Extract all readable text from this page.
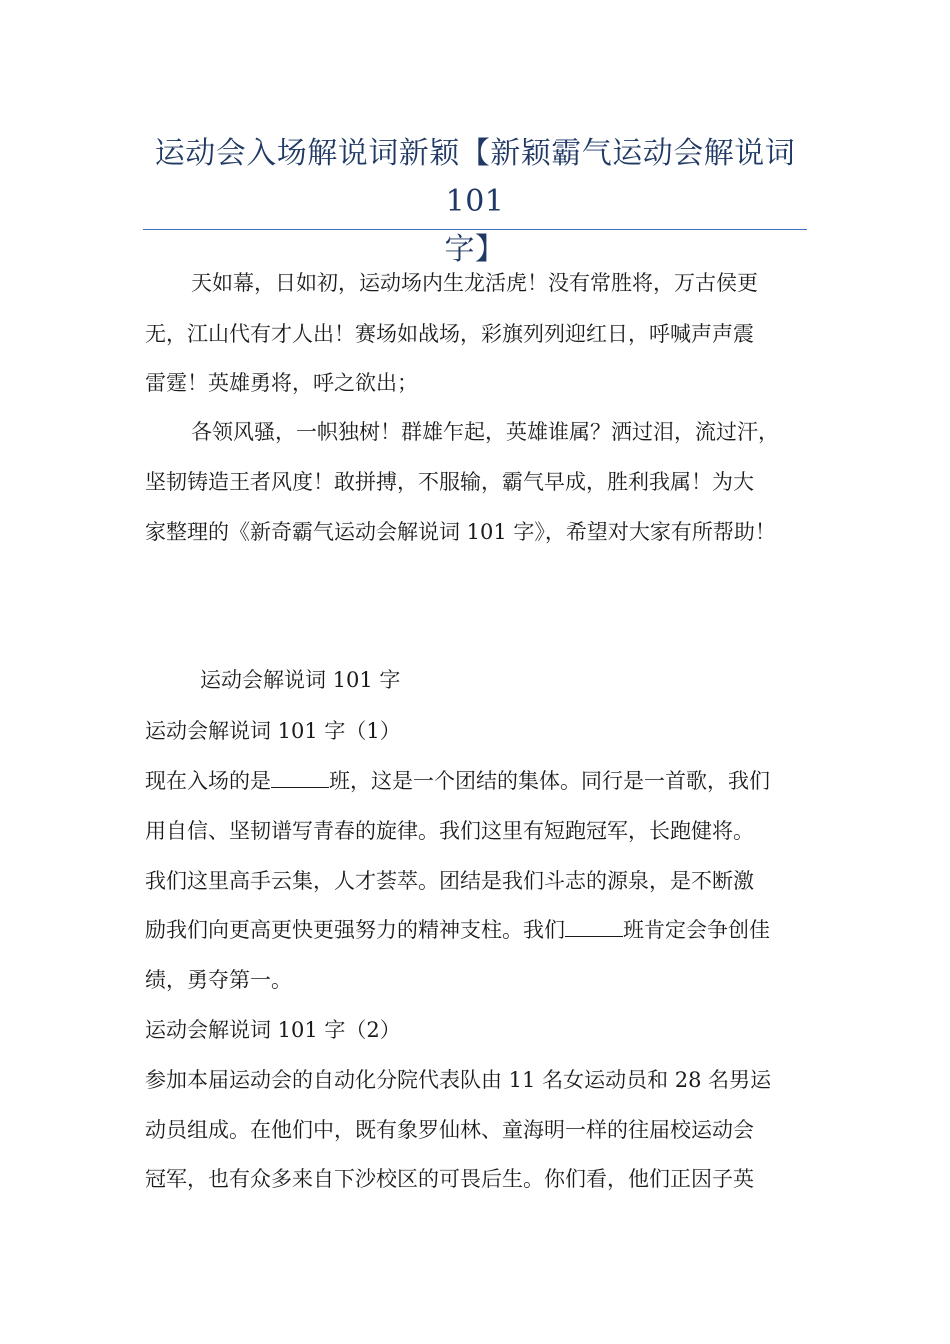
运动会入场解说词新颖【新颖霸气运动会解说词 101
字】
天如幕，日如初，运动场内生龙活虎！没有常胜将，万古侯更
无，江山代有才人出！赛场如战场，彩旗列列迎红日，呼喊声声震
雷霆！英雄勇将，呼之欲出；
各领风骚，一帜独树！群雄乍起，英雄谁属？洒过泪，流过汗，
坚韧铸造王者风度！敢拼搏，不服输，霸气早成，胜利我属！为大
家整理的《新奇霸气运动会解说词 101 字》，希望对大家有所帮助！
运动会解说词 101 字
运动会解说词 101 字（1）
现在入场的是	班，这是一个团结的集体。同行是一首歌，我们
用自信、坚韧谱写青春的旋律。我们这里有短跑冠军，长跑健将。
我们这里高手云集，人才荟萃。团结是我们斗志的源泉，是不断激
励我们向更高更快更强努力的精神支柱。我们	班肯定会争创佳
绩，勇夺第一。
运动会解说词 101 字（2）
参加本届运动会的自动化分院代表队由 11 名女运动员和 28 名男运
动员组成。在他们中，既有象罗仙林、童海明一样的往届校运动会
冠军，也有众多来自下沙校区的可畏后生。你们看，他们正因子英
